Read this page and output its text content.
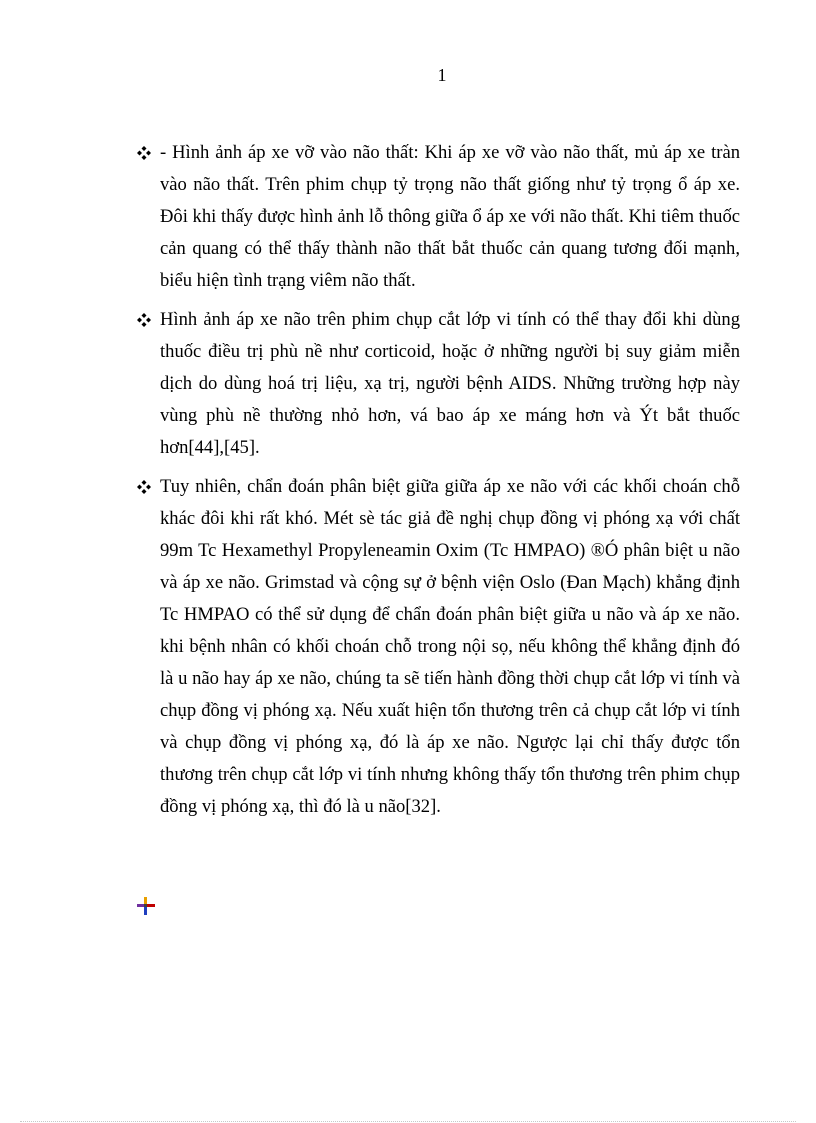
1
- Hình ảnh áp xe vỡ vào não thất: Khi áp xe vỡ vào não thất, mủ áp xe tràn vào não thất. Trên phim chụp tỷ trọng não thất giống như tỷ trọng ổ áp xe. Đôi khi thấy được hình ảnh lỗ thông giữa ổ áp xe với não thất. Khi tiêm thuốc cản quang có thể thấy thành não thất bắt thuốc cản quang tương đối mạnh, biểu hiện tình trạng viêm não thất.
Hình ảnh áp xe não trên phim chụp cắt lớp vi tính có thể thay đổi khi dùng thuốc điều trị phù nề như corticoid, hoặc ở những người bị suy giảm miễn dịch do dùng hoá trị liệu, xạ trị, người bệnh AIDS. Những trường hợp này vùng phù nề thường nhỏ hơn, vá bao áp xe máng hơn và Ýt bắt thuốc hơn[44],[45].
Tuy nhiên, chẩn đoán phân biệt giữa giữa áp xe não với các khối choán chỗ khác đôi khi rất khó. Mét sè tác giả đề nghị chụp đồng vị phóng xạ với chất 99m Tc Hexamethyl Propyleneamin Oxim (Tc HMPAO) ®Ó phân biệt u não và áp xe não. Grimstad và cộng sự ở bệnh viện Oslo (Đan Mạch) khẳng định Tc HMPAO có thể sử dụng để chẩn đoán phân biệt giữa u não và áp xe não. khi bệnh nhân có khối choán chỗ trong nội sọ, nếu không thể khẳng định đó là u não hay áp xe não, chúng ta sẽ tiến hành đồng thời chụp cắt lớp vi tính và chụp đồng vị phóng xạ. Nếu xuất hiện tổn thương trên cả chụp cắt lớp vi tính và chụp đồng vị phóng xạ, đó là áp xe não. Ngược lại chỉ thấy được tổn thương trên chụp cắt lớp vi tính nhưng không thấy tổn thương trên phim chụp đồng vị phóng xạ, thì đó là u não[32].
